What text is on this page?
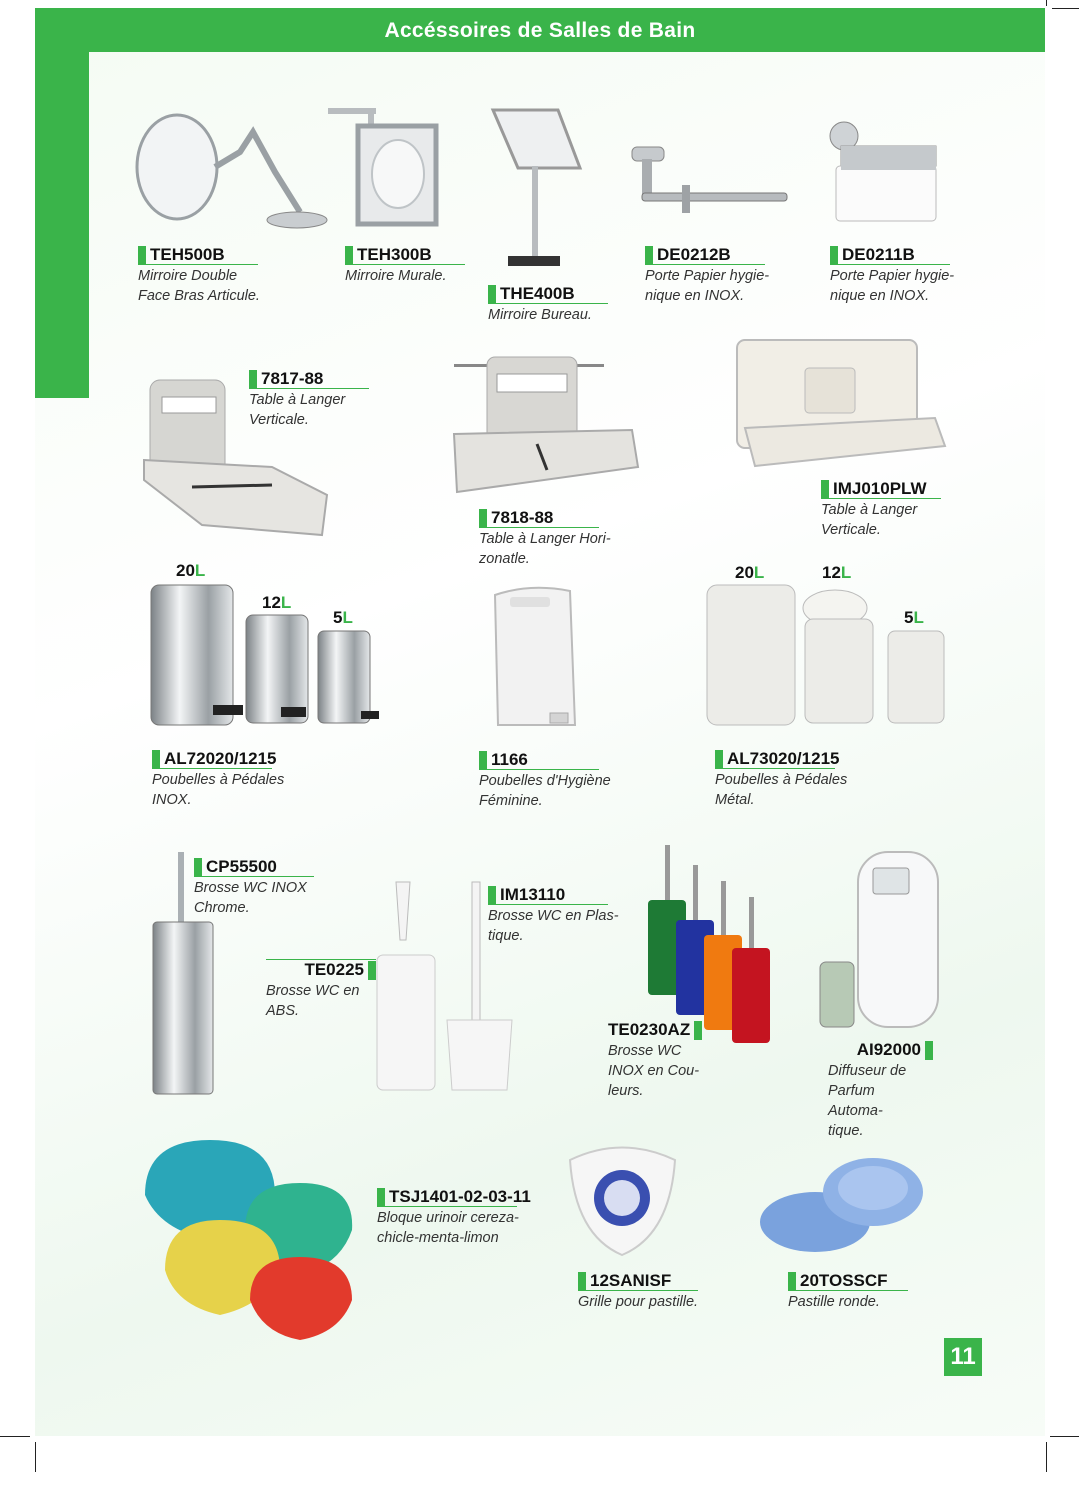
Accéssoires de Salles de Bain
TEH500B
Mirroire Double
Face Bras Articule.
TEH300B
Mirroire Murale.
THE400B
Mirroire Bureau.
DE0212B
Porte Papier hygie-
nique en INOX.
DE0211B
Porte Papier hygie-
nique en INOX.
7817-88
Table à Langer
Verticale.
7818-88
Table à Langer Hori-
zonatle.
IMJ010PLW
Table à Langer
Verticale.
20L
12L
5L
20L	12L
5L
AL72020/1215
Poubelles à Pédales
INOX.
1166
Poubelles d'Hygiène
Féminine.
AL73020/1215
Poubelles à Pédales
Métal.
CP55500
Brosse WC INOX
Chrome.
IM13110
Brosse WC en Plas-
tique.
TE0225
Brosse WC en
ABS.
TE0230AZ
Brosse WC
INOX en Cou-
leurs.
AI92000
Diffuseur de
Parfum Automa-
tique.
TSJ1401-02-03-11
Bloque urinoir cereza-
chicle-menta-limon
12SANISF
Grille pour pastille.
20TOSSCF
Pastille ronde.
11
